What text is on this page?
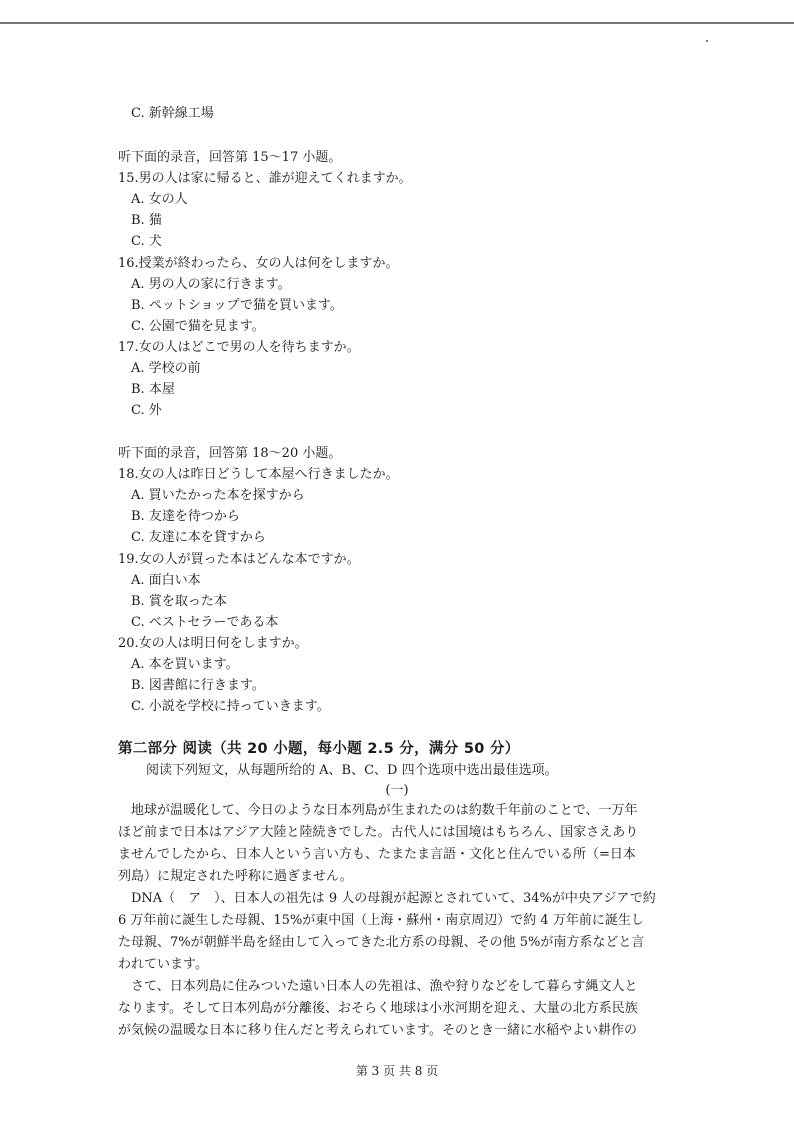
C. 新幹線工場
听下面的录音，回答第 15～17 小题。
15.男の人は家に帰ると、誰が迎えてくれますか。
A. 女の人
B. 猫
C. 犬
16.授業が終わったら、女の人は何をしますか。
A. 男の人の家に行きます。
B. ペットショップで猫を買います。
C. 公園で猫を見ます。
17.女の人はどこで男の人を待ちますか。
A. 学校の前
B. 本屋
C. 外
听下面的录音，回答第 18～20 小题。
18.女の人は昨日どうして本屋へ行きましたか。
A. 買いたかった本を探すから
B. 友達を待つから
C. 友達に本を貸すから
19.女の人が買った本はどんな本ですか。
A. 面白い本
B. 賞を取った本
C. ベストセラーである本
20.女の人は明日何をしますか。
A. 本を買います。
B. 図書館に行きます。
C. 小説を学校に持っていきます。
第二部分 阅读（共 20 小题，每小题 2.5 分，满分 50 分）
阅读下列短文，从每题所给的 A、B、C、D 四个选项中选出最佳选项。
(一)
　地球が温暖化して、今日のような日本列島が生まれたのは約数千年前のことで、一万年
ほど前まで日本はアジア大陸と陸続きでした。古代人には国境はもちろん、国家さえあり
ませんでしたから、日本人という言い方も、たまたま言語・文化と住んでいる所（=日本
列島）に規定された呼称に過ぎません。
　DNA（　ア　）、日本人の祖先は 9 人の母親が起源とされていて、34%が中央アジアで約
6 万年前に誕生した母親、15%が東中国（上海・蘇州・南京周辺）で約 4 万年前に誕生し
た母親、7%が朝鮮半島を経由して入ってきた北方系の母親、その他 5%が南方系などと言
われています。
　さて、日本列島に住みついた遠い日本人の先祖は、漁や狩りなどをして暮らす縄文人と
なります。そして日本列島が分離後、おそらく地球は小氷河期を迎え、大量の北方系民族
が気候の温暖な日本に移り住んだと考えられています。そのとき一緒に水稲やよい耕作の
第 3 页 共 8 页
